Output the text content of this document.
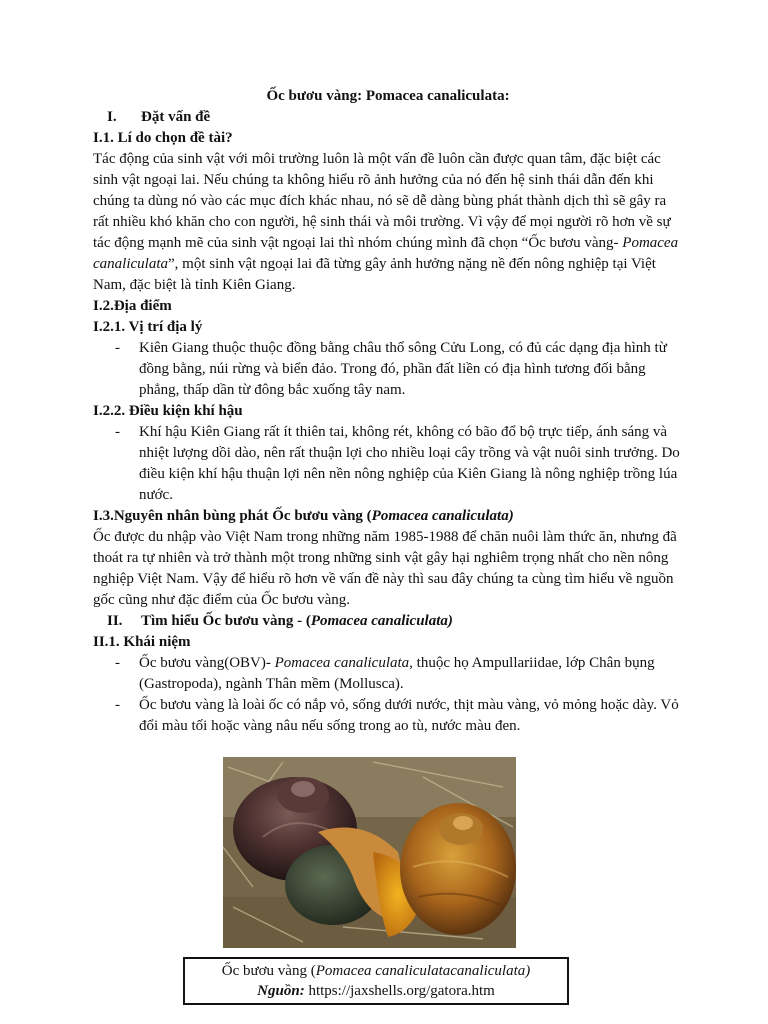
Ốc bươu vàng: Pomacea canaliculata:

I.	Đặt vấn đề

I.1. Lí do chọn đề tài?

Tác động của sinh vật với môi trường luôn là một vấn đề luôn cần được quan tâm, đặc biệt các sinh vật ngoại lai. Nếu chúng ta không hiểu rõ ảnh hưởng của nó đến hệ sinh thái dẫn đến khi chúng ta dùng nó vào các mục đích khác nhau, nó sẽ dễ dàng bùng phát thành dịch thì sẽ gây ra rất nhiều khó khăn cho con người, hệ sinh thái và môi trường. Vì vậy để mọi người rõ hơn về sự tác động mạnh mẽ của sinh vật ngoại lai thì nhóm chúng mình đã chọn “Ốc bươu vàng- Pomacea canaliculata”, một sinh vật ngoại lai đã từng gây ảnh hưởng nặng nề đến nông nghiệp tại Việt Nam, đặc biệt là tỉnh Kiên Giang.

I.2.Địa điểm

I.2.1. Vị trí địa lý

-	Kiên Giang thuộc thuộc đồng bằng châu thổ sông Cửu Long, có đủ các dạng địa hình từ đồng bằng, núi rừng và biển đảo. Trong đó, phần đất liền có địa hình tương đối bằng phẳng, thấp dần từ đông bắc xuống tây nam.

I.2.2. Điều kiện khí hậu

-	Khí hậu Kiên Giang rất ít thiên tai, không rét, không có bão đổ bộ trực tiếp, ánh sáng và nhiệt lượng dồi dào, nên rất thuận lợi cho nhiều loại cây trồng và vật nuôi sinh trưởng. Do điều kiện khí hậu thuận lợi nên nền nông nghiệp của Kiên Giang là nông nghiệp trồng lúa nước.

I.3.Nguyên nhân bùng phát Ốc bươu vàng (Pomacea canaliculata)

Ốc được du nhập vào Việt Nam trong những năm 1985-1988 để chăn nuôi làm thức ăn, nhưng đã thoát ra tự nhiên và trở thành một trong những sinh vật gây hại nghiêm trọng nhất cho nền nông nghiệp Việt Nam. Vậy để hiểu rõ hơn về vấn đề này thì sau đây chúng ta cùng tìm hiểu về nguồn gốc cũng như đặc điểm của Ốc bươu vàng.

II.	Tìm hiểu Ốc bươu vàng - (Pomacea canaliculata)

II.1. Khái niệm

-	Ốc bươu vàng(OBV)- Pomacea canaliculata, thuộc họ Ampullariidae, lớp Chân bụng (Gastropoda), ngành Thân mềm (Mollusca).
-	Ốc bươu vàng là loài ốc có nắp vỏ, sống dưới nước, thịt màu vàng, vỏ mỏng hoặc dày. Vỏ đổi màu tối hoặc vàng nâu nếu sống trong ao tù, nước màu đen.
Ốc bươu vàng (Pomacea canaliculatacanaliculata)
Nguồn: https://jaxshells.org/gatora.htm
